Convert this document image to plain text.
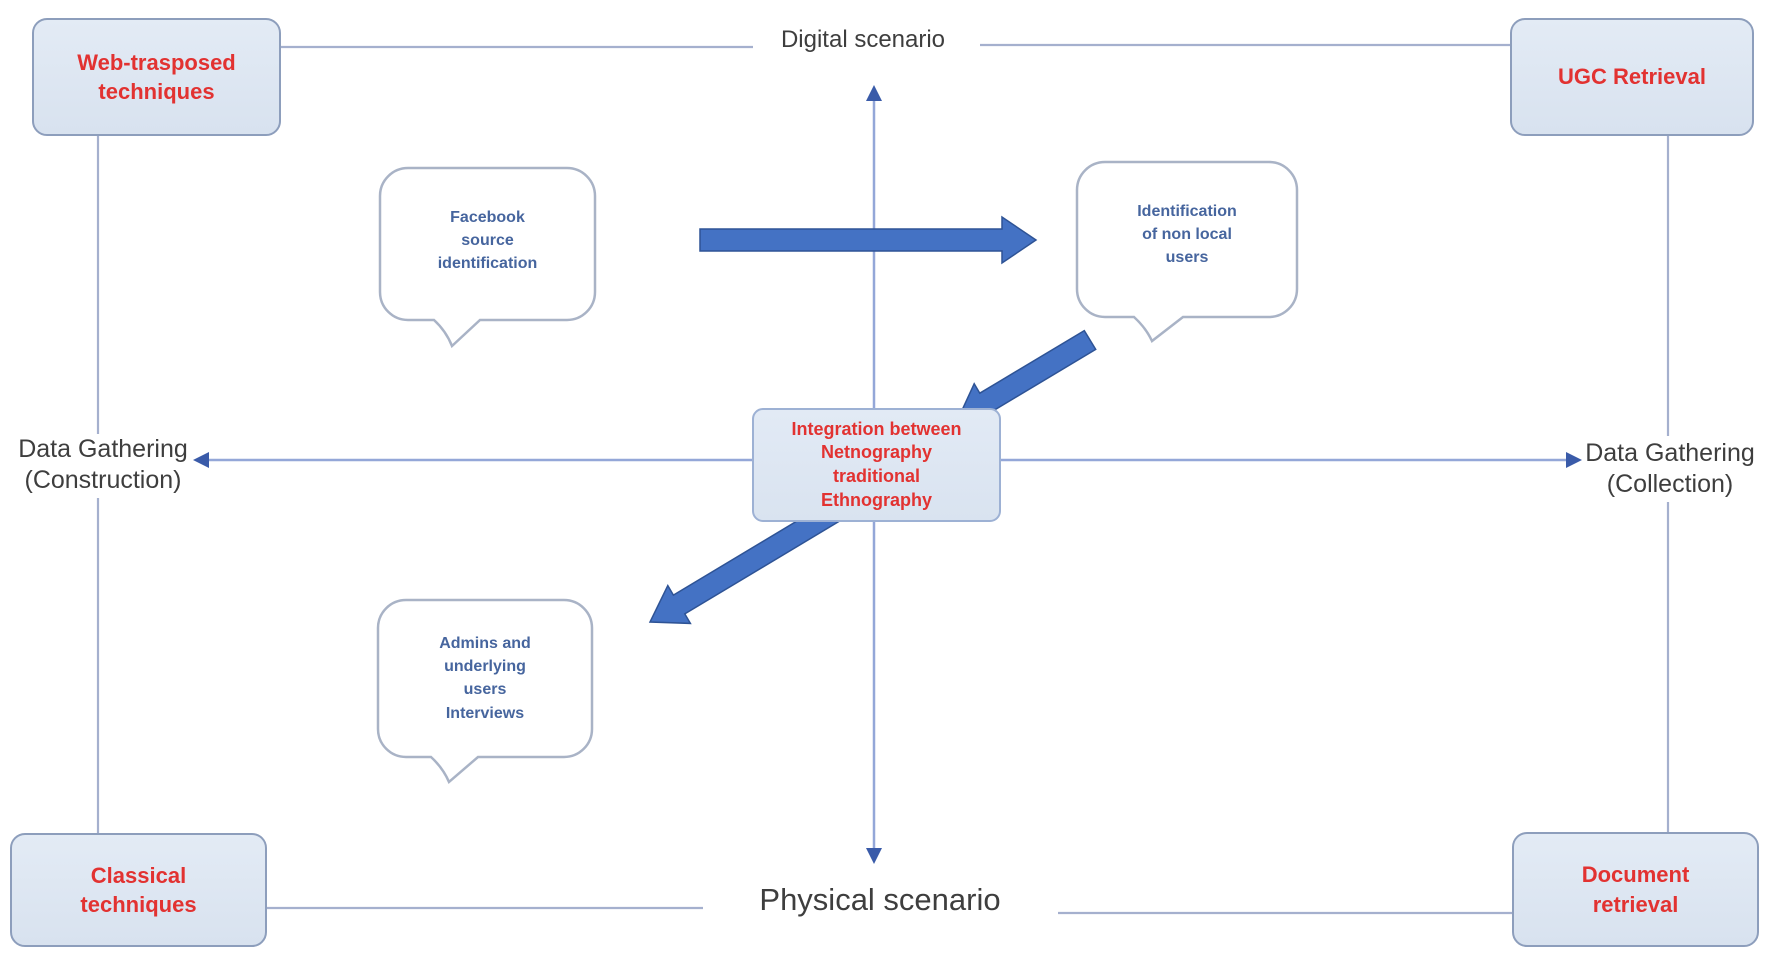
Web-trasposed
techniques
UGC Retrieval
Classical
techniques
Document
retrieval
Integration between
Netnography
traditional
Ethnography
Digital scenario
Physical scenario
Data Gathering
(Construction)
Data Gathering
(Collection)
Facebook
source
identification
Identification
of non local
users
Admins and
underlying
users
Interviews
